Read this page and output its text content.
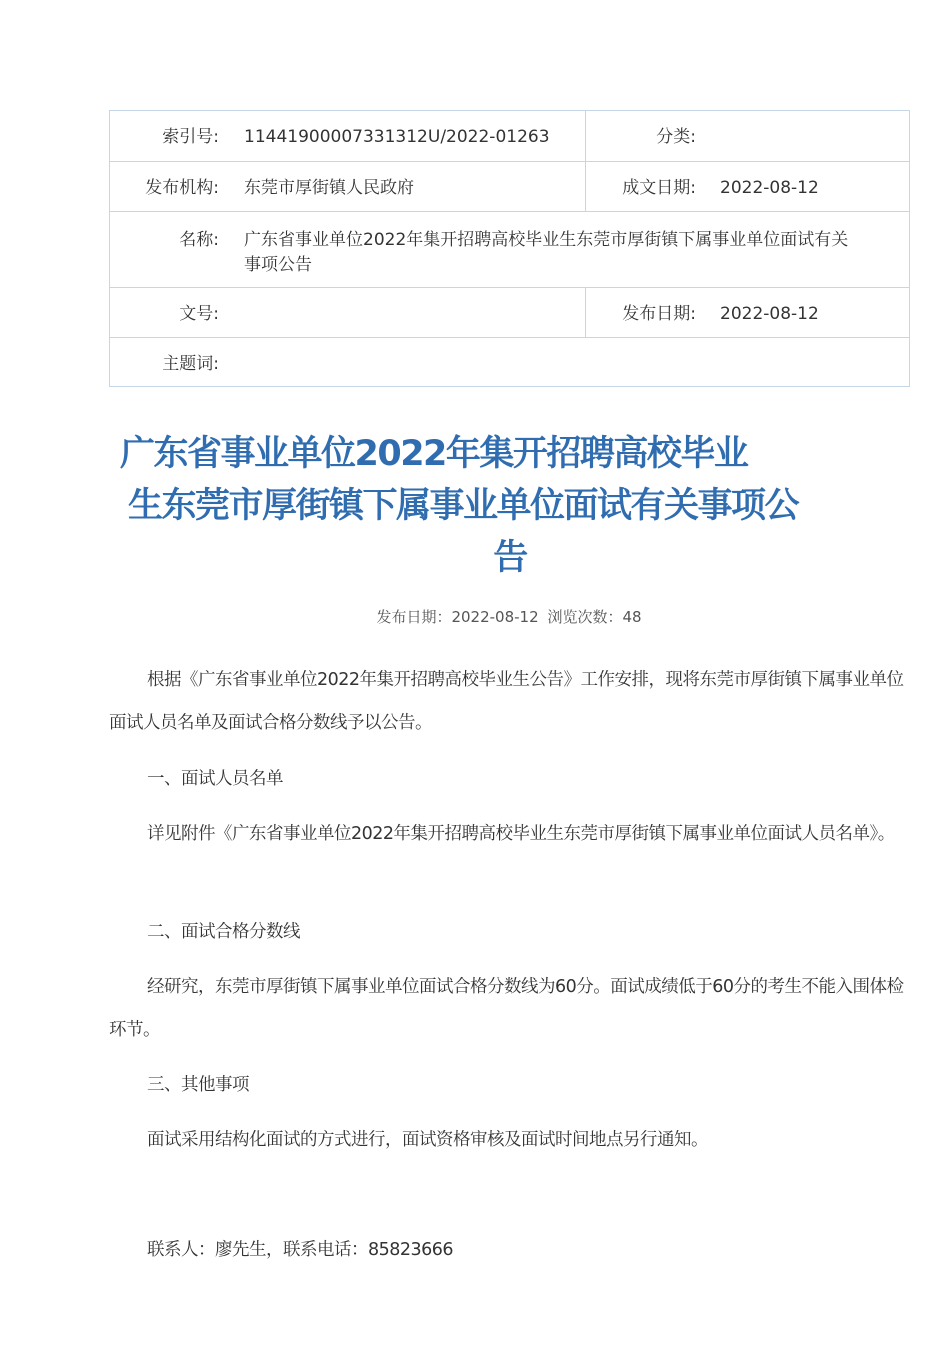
索引号: 11441900007331312U/2022-01263	分类:
发布机构: 东莞市厚街镇人民政府	成文日期: 2022-08-12
名称: 广东省事业单位2022年集开招聘高校毕业生东莞市厚街镇下属事业单位面试有关事项公告
文号:	发布日期: 2022-08-12
主题词:
广东省事业单位2022年集开招聘高校毕业
生东莞市厚街镇下属事业单位面试有关事项公
告
发布日期：2022-08-12 浏览次数：48

根据《广东省事业单位2022年集开招聘高校毕业生公告》工作安排，现将东莞市厚街镇下属事业单位面试人员名单及面试合格分数线予以公告。

一、面试人员名单

详见附件《广东省事业单位2022年集开招聘高校毕业生东莞市厚街镇下属事业单位面试人员名单》。

二、面试合格分数线

经研究，东莞市厚街镇下属事业单位面试合格分数线为60分。面试成绩低于60分的考生不能入围体检环节。

三、其他事项

面试采用结构化面试的方式进行，面试资格审核及面试时间地点另行通知。

联系人：廖先生，联系电话：85823666
